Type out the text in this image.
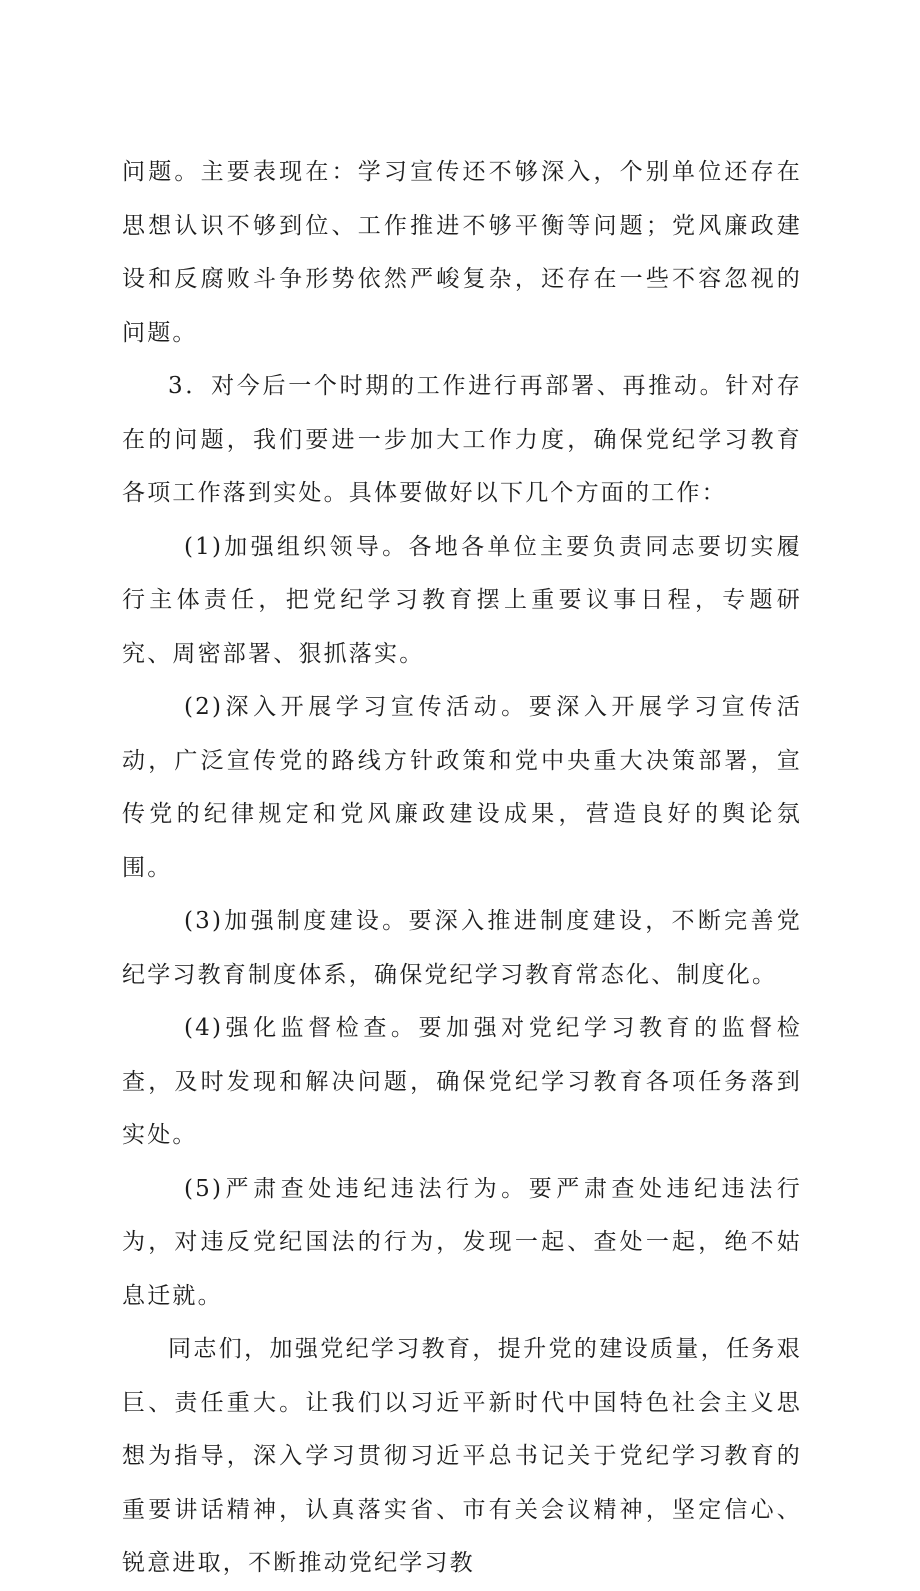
问题。主要表现在：学习宣传还不够深入，个别单位还存在思想认识不够到位、工作推进不够平衡等问题；党风廉政建设和反腐败斗争形势依然严峻复杂，还存在一些不容忽视的问题。

3．对今后一个时期的工作进行再部署、再推动。针对存在的问题，我们要进一步加大工作力度，确保党纪学习教育各项工作落到实处。具体要做好以下几个方面的工作：

(1)加强组织领导。各地各单位主要负责同志要切实履行主体责任，把党纪学习教育摆上重要议事日程，专题研究、周密部署、狠抓落实。

(2)深入开展学习宣传活动。要深入开展学习宣传活动，广泛宣传党的路线方针政策和党中央重大决策部署，宣传党的纪律规定和党风廉政建设成果，营造良好的舆论氛围。

(3)加强制度建设。要深入推进制度建设，不断完善党纪学习教育制度体系，确保党纪学习教育常态化、制度化。

(4)强化监督检查。要加强对党纪学习教育的监督检查，及时发现和解决问题，确保党纪学习教育各项任务落到实处。

(5)严肃查处违纪违法行为。要严肃查处违纪违法行为，对违反党纪国法的行为，发现一起、查处一起，绝不姑息迁就。

同志们，加强党纪学习教育，提升党的建设质量，任务艰巨、责任重大。让我们以习近平新时代中国特色社会主义思想为指导，深入学习贯彻习近平总书记关于党纪学习教育的重要讲话精神，认真落实省、市有关会议精神，坚定信心、锐意进取，不断推动党纪学习教
